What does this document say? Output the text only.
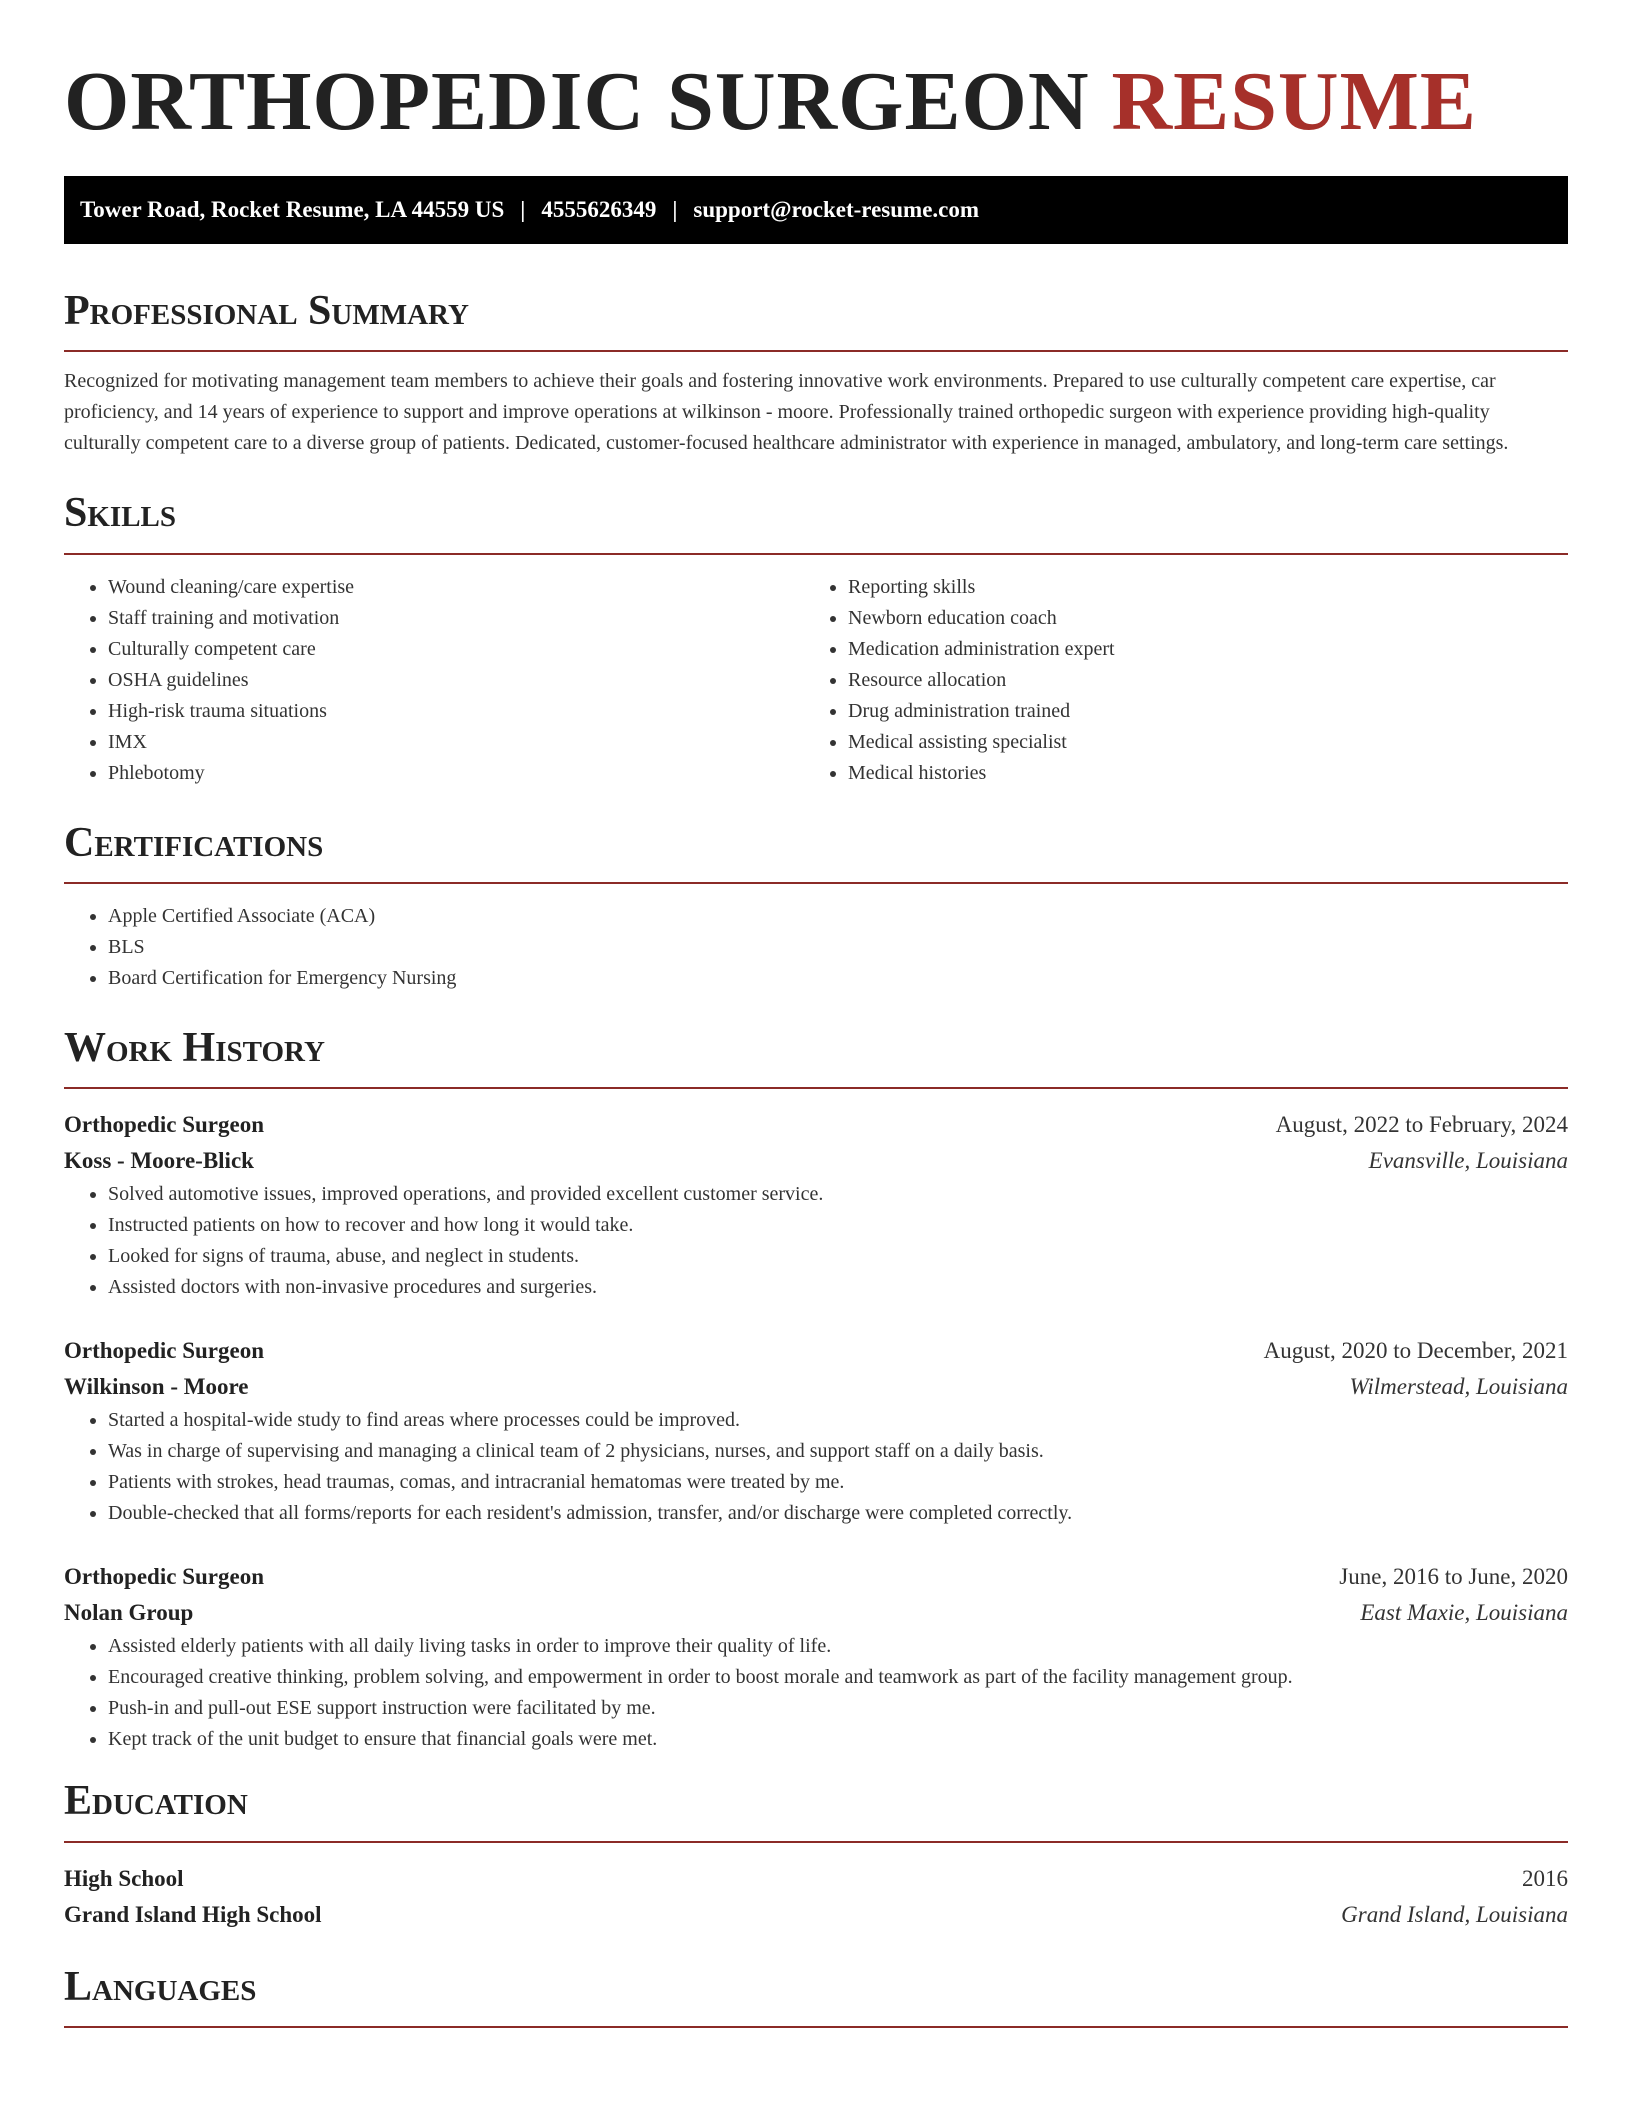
ORTHOPEDIC SURGEON RESUME
Tower Road, Rocket Resume, LA 44559 US | 4555626349 | support@rocket-resume.com
Professional Summary

Recognized for motivating management team members to achieve their goals and fostering innovative work environments. Prepared to use culturally competent care expertise, car proficiency, and 14 years of experience to support and improve operations at wilkinson - moore. Professionally trained orthopedic surgeon with experience providing high-quality culturally competent care to a diverse group of patients. Dedicated, customer-focused healthcare administrator with experience in managed, ambulatory, and long-term care settings.

Skills
• Wound cleaning/care expertise
• Staff training and motivation
• Culturally competent care
• OSHA guidelines
• High-risk trauma situations
• IMX
• Phlebotomy
• Reporting skills
• Newborn education coach
• Medication administration expert
• Resource allocation
• Drug administration trained
• Medical assisting specialist
• Medical histories
Certifications
• Apple Certified Associate (ACA)
• BLS
• Board Certification for Emergency Nursing
Work History
Orthopedic Surgeon	August, 2022 to February, 2024
Koss - Moore-Blick	Evansville, Louisiana
• Solved automotive issues, improved operations, and provided excellent customer service.
• Instructed patients on how to recover and how long it would take.
• Looked for signs of trauma, abuse, and neglect in students.
• Assisted doctors with non-invasive procedures and surgeries.
Orthopedic Surgeon	August, 2020 to December, 2021
Wilkinson - Moore	Wilmerstead, Louisiana
• Started a hospital-wide study to find areas where processes could be improved.
• Was in charge of supervising and managing a clinical team of 2 physicians, nurses, and support staff on a daily basis.
• Patients with strokes, head traumas, comas, and intracranial hematomas were treated by me.
• Double-checked that all forms/reports for each resident's admission, transfer, and/or discharge were completed correctly.
Orthopedic Surgeon	June, 2016 to June, 2020
Nolan Group	East Maxie, Louisiana
• Assisted elderly patients with all daily living tasks in order to improve their quality of life.
• Encouraged creative thinking, problem solving, and empowerment in order to boost morale and teamwork as part of the facility management group.
• Push-in and pull-out ESE support instruction were facilitated by me.
• Kept track of the unit budget to ensure that financial goals were met.
Education
High School	2016
Grand Island High School	Grand Island, Louisiana
Languages
